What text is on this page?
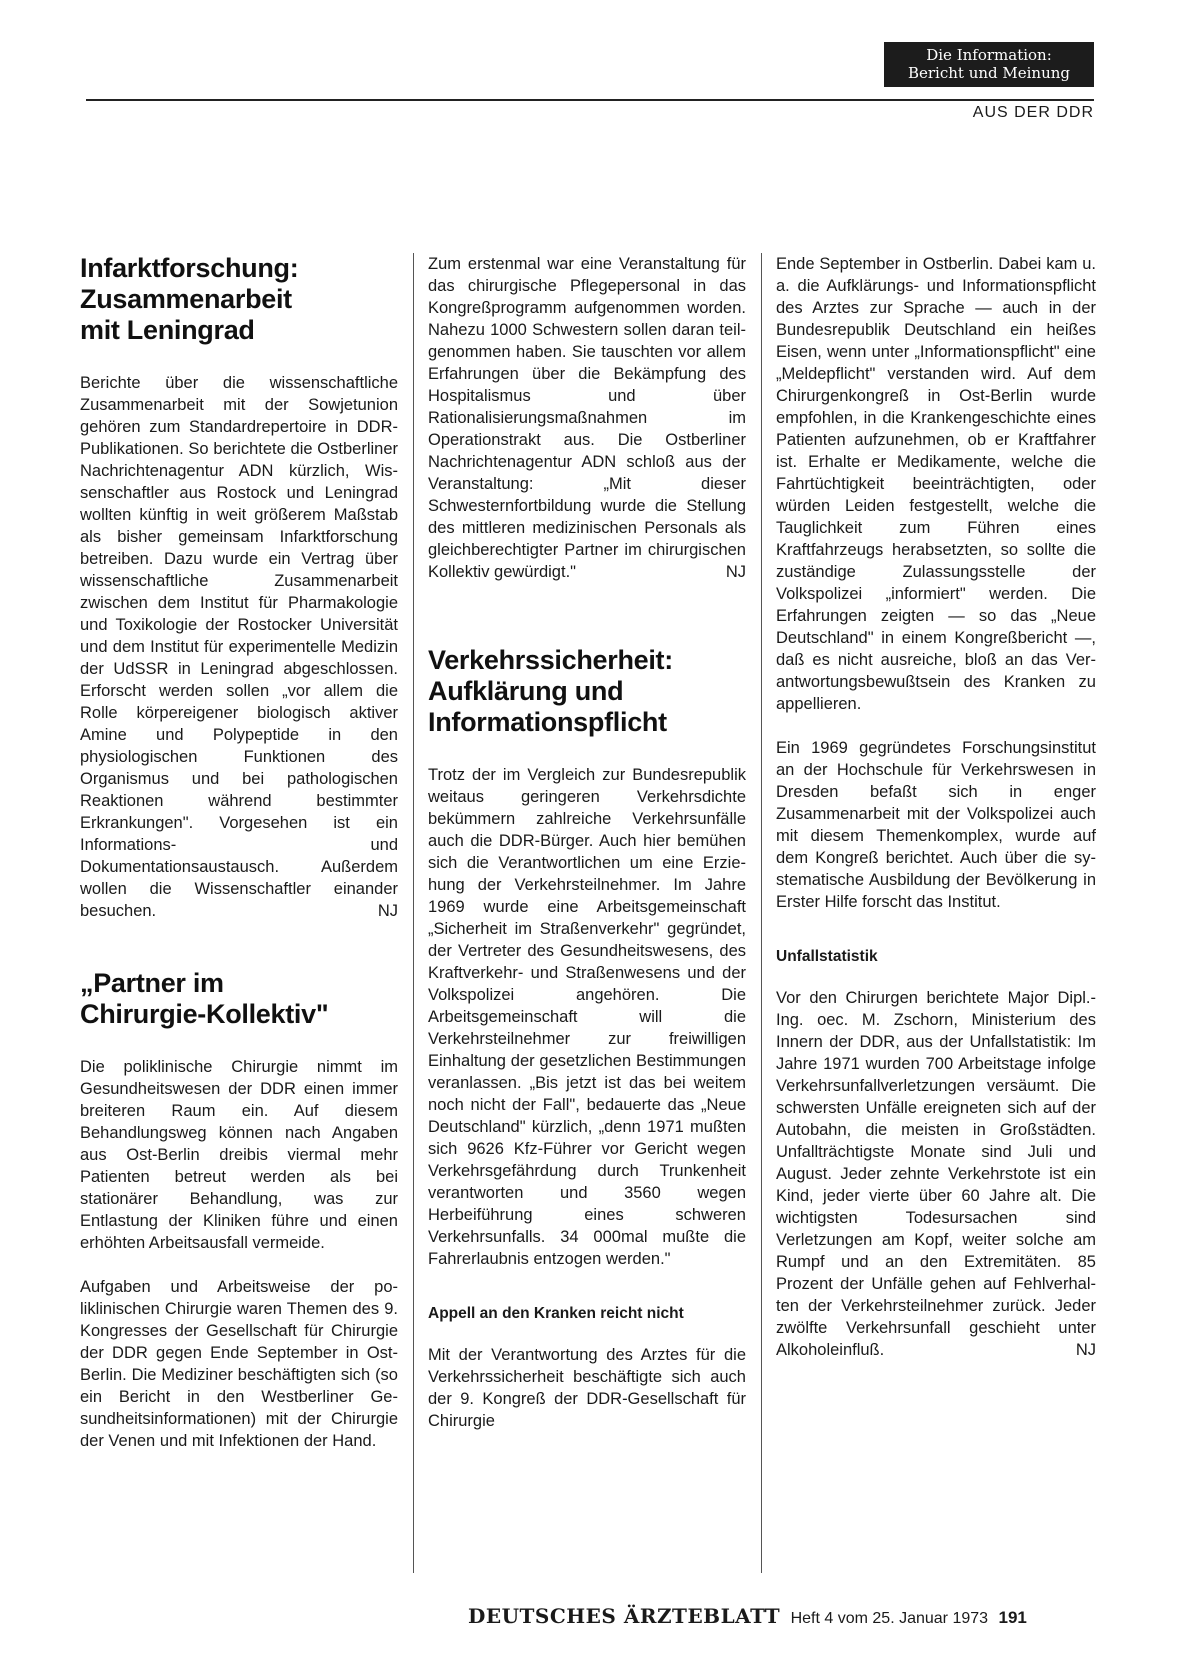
Die Information:
Bericht und Meinung
AUS DER DDR
Infarktforschung:
Zusammenarbeit
mit Leningrad

Berichte über die wissenschaftliche Zusammenarbeit mit der Sowjetunion gehören zum Standardrepertoire in DDR-Publikationen. So berichtete die Ostberliner Nachrichtenagentur ADN kürzlich, Wissenschaftler aus Rostock und Leningrad wollten künftig in weit größerem Maßstab als bisher gemeinsam Infarktforschung betreiben. Dazu wurde ein Vertrag über wissenschaftliche Zusammenarbeit zwischen dem Institut für Pharmakologie und Toxikologie der Rostocker Universität und dem Institut für experimentelle Medizin der UdSSR in Leningrad abgeschlossen. Erforscht werden sollen „vor allem die Rolle körpereigener biologisch aktiver Amine und Polypeptide in den physiologischen Funktionen des Organismus und bei pathologischen Reaktionen während bestimmter Erkrankungen". Vorgesehen ist ein Informations- und Dokumentationsaustausch. Außerdem wollen die Wissenschaftler einander besuchen.	NJ

„Partner im
Chirurgie-Kollektiv"

Die poliklinische Chirurgie nimmt im Gesundheitswesen der DDR einen immer breiteren Raum ein. Auf diesem Behandlungsweg können nach Angaben aus Ost-Berlin dreibis viermal mehr Patienten betreut werden als bei stationärer Behandlung, was zur Entlastung der Kliniken führe und einen erhöhten Arbeitsausfall vermeide.

Aufgaben und Arbeitsweise der poliklinischen Chirurgie waren Themen des 9. Kongresses der Gesellschaft für Chirurgie der DDR gegen Ende September in Ost-Berlin. Die Mediziner beschäftigten sich (so ein Bericht in den Westberliner Gesundheitsinformationen) mit der Chirurgie der Venen und mit Infektionen der Hand.

Zum erstenmal war eine Veranstaltung für das chirurgische Pflegepersonal in das Kongreßprogramm aufgenommen worden. Nahezu 1000 Schwestern sollen daran teilgenommen haben. Sie tauschten vor allem Erfahrungen über die Bekämpfung des Hospitalismus und über Rationalisierungsmaßnahmen im Operationstrakt aus. Die Ostberliner Nachrichtenagentur ADN schloß aus der Veranstaltung: „Mit dieser Schwesternfortbildung wurde die Stellung des mittleren medizinischen Personals als gleichberechtigter Partner im chirurgischen Kollektiv gewürdigt."	NJ

Verkehrssicherheit:
Aufklärung und
Informationspflicht

Trotz der im Vergleich zur Bundesrepublik weitaus geringeren Verkehrsdichte bekümmern zahlreiche Verkehrsunfälle auch die DDR-Bürger. Auch hier bemühen sich die Verantwortlichen um eine Erziehung der Verkehrsteilnehmer. Im Jahre 1969 wurde eine Arbeitsgemeinschaft „Sicherheit im Straßenverkehr" gegründet, der Vertreter des Gesundheitswesens, des Kraftverkehr- und Straßenwesens und der Volkspolizei angehören. Die Arbeitsgemeinschaft will die Verkehrsteilnehmer zur freiwilligen Einhaltung der gesetzlichen Bestimmungen veranlassen. „Bis jetzt ist das bei weitem noch nicht der Fall", bedauerte das „Neue Deutschland" kürzlich, „denn 1971 mußten sich 9626 Kfz-Führer vor Gericht wegen Verkehrsgefährdung durch Trunkenheit verantworten und 3560 wegen Herbeiführung eines schweren Verkehrsunfalls. 34 000mal mußte die Fahrerlaubnis entzogen werden."

Appell an den Kranken reicht nicht

Mit der Verantwortung des Arztes für die Verkehrssicherheit beschäftigte sich auch der 9. Kongreß der DDR-Gesellschaft für Chirurgie

Ende September in Ostberlin. Dabei kam u. a. die Aufklärungs- und Informationspflicht des Arztes zur Sprache — auch in der Bundesrepublik Deutschland ein heißes Eisen, wenn unter „Informationspflicht" eine „Meldepflicht" verstanden wird. Auf dem Chirurgenkongreß in Ost-Berlin wurde empfohlen, in die Krankengeschichte eines Patienten aufzunehmen, ob er Kraftfahrer ist. Erhalte er Medikamente, welche die Fahrtüchtigkeit beeinträchtigten, oder würden Leiden festgestellt, welche die Tauglichkeit zum Führen eines Kraftfahrzeugs herabsetzten, so sollte die zuständige Zulassungsstelle der Volkspolizei „informiert" werden. Die Erfahrungen zeigten — so das „Neue Deutschland" in einem Kongreßbericht —, daß es nicht ausreiche, bloß an das Verantwortungsbewußtsein des Kranken zu appellieren.

Ein 1969 gegründetes Forschungsinstitut an der Hochschule für Verkehrswesen in Dresden befaßt sich in enger Zusammenarbeit mit der Volkspolizei auch mit diesem Themenkomplex, wurde auf dem Kongreß berichtet. Auch über die systematische Ausbildung der Bevölkerung in Erster Hilfe forscht das Institut.

Unfallstatistik

Vor den Chirurgen berichtete Major Dipl.-Ing. oec. M. Zschorn, Ministerium des Innern der DDR, aus der Unfallstatistik: Im Jahre 1971 wurden 700 Arbeitstage infolge Verkehrsunfallverletzungen versäumt. Die schwersten Unfälle ereigneten sich auf der Autobahn, die meisten in Großstädten. Unfallträchtigste Monate sind Juli und August. Jeder zehnte Verkehrstote ist ein Kind, jeder vierte über 60 Jahre alt. Die wichtigsten Todesursachen sind Verletzungen am Kopf, weiter solche am Rumpf und an den Extremitäten. 85 Prozent der Unfälle gehen auf Fehlverhalten der Verkehrsteilnehmer zurück. Jeder zwölfte Verkehrsunfall geschieht unter Alkoholeinfluß.	NJ

DEUTSCHES ÄRZTEBLATT Heft 4 vom 25. Januar 1973 191
